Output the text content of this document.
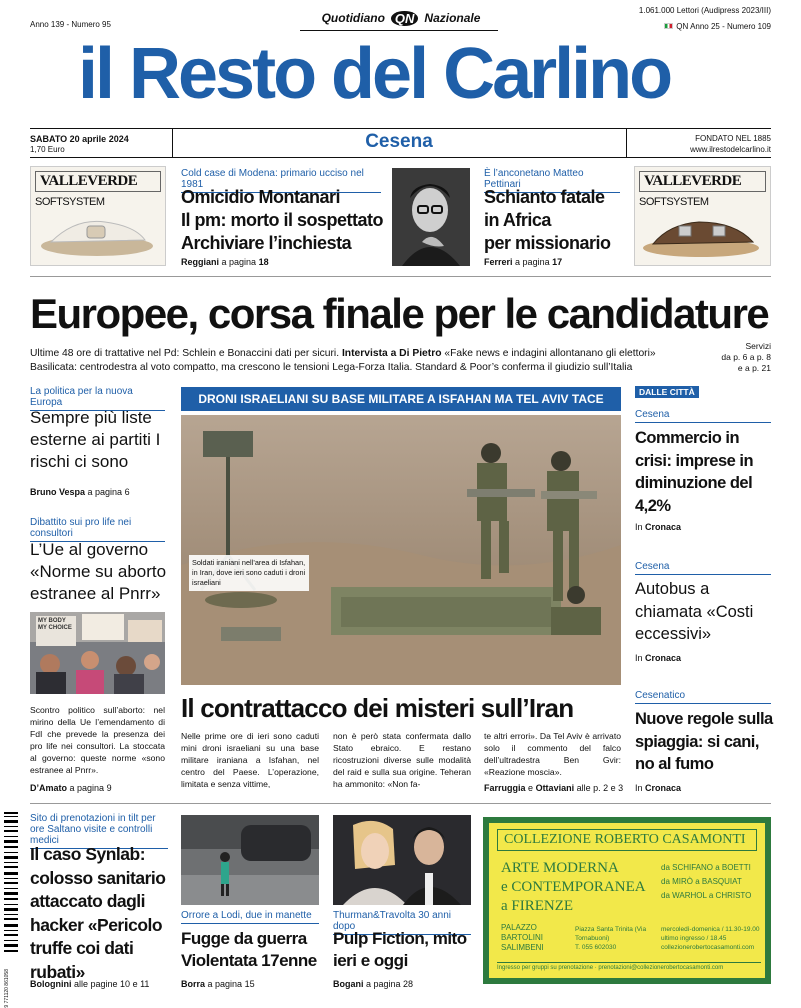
Anno 139 - Numero 95	Quotidiano QN Nazionale
1.061.000 Lettori (Audipress 2023/III)
QN Anno 25 - Numero 109
il Resto del Carlino
SABATO 20 aprile 2024
1,70 Euro	Cesena	FONDATO NEL 1885
www.ilrestodelcarlino.it
VALLEVERDE
SOFTSYSTEM
VALLEVERDE
SOFTSYSTEM
Cold case di Modena: primario ucciso nel 1981
Omicidio Montanari
Il pm: morto il sospettato
Archiviare l’inchiesta
Reggiani a pagina 18
È l’anconetano Matteo Pettinari
Schianto fatale
in Africa
per missionario
Ferreri a pagina 17
Europee, corsa finale per le candidature
Ultime 48 ore di trattative nel Pd: Schlein e Bonaccini dati per sicuri. Intervista a Di Pietro «Fake news e indagini allontanano gli elettori»
Basilicata: centrodestra al voto compatto, ma crescono le tensioni Lega-Forza Italia. Standard & Poor’s conferma il giudizio sull’Italia
Servizi
da p. 6 a p. 8
e a p. 21
La politica per la nuova Europa
Sempre più liste esterne ai partiti I rischi ci sono
Bruno Vespa a pagina 6
Dibattito sui pro life nei consultori
L’Ue al governo «Norme su aborto estranee al Pnrr»
MY BODY MY CHOICE
Scontro politico sull’aborto: nel mirino della Ue l’emendamento di FdI che prevede la presenza dei pro life nei consultori. La stoccata al governo: queste norme «sono estranee al Pnrr».
D’Amato a pagina 9
DRONI ISRAELIANI SU BASE MILITARE A ISFAHAN MA TEL AVIV TACE
Soldati iraniani nell’area di Isfahan, in Iran, dove ieri sono caduti i droni israeliani
Il contrattacco dei misteri sull’Iran
Nelle prime ore di ieri sono caduti mini droni israeliani su una base militare iraniana a Isfahan, nel centro del Paese. L’operazione, limitata e senza vittime,
non è però stata confermata dallo Stato ebraico. E restano ricostruzioni diverse sulle modalità del raid e sulla sua origine. Teheran ha ammonito: «Non fa-
te altri errori». Da Tel Aviv è arrivato solo il commento del falco dell’ultradestra Ben Gvir: «Reazione moscia».
Farruggia e Ottaviani alle p. 2 e 3
DALLE CITTÀ
Cesena
Commercio in crisi: imprese in diminuzione del 4,2%
In Cronaca
Cesena
Autobus a chiamata «Costi eccessivi»
In Cronaca
Cesenatico
Nuove regole sulla spiaggia: si cani, no al fumo
In Cronaca
9 771120 861058
Sito di prenotazioni in tilt per ore Saltano visite e controlli medici
Il caso Synlab: colosso sanitario attaccato dagli hacker «Pericolo truffe coi dati rubati»
Bolognini alle pagine 10 e 11
Orrore a Lodi, due in manette
Fugge da guerra Violentata 17enne
Borra a pagina 15
Thurman&Travolta 30 anni dopo
Pulp Fiction, mito ieri e oggi
Bogani a pagina 28
COLLEZIONE ROBERTO CASAMONTI
ARTE MODERNA
e CONTEMPORANEA
a FIRENZE
da SCHIFANO a BOETTI
da MIRÒ a BASQUIAT
da WARHOL a CHRISTO
PALAZZO BARTOLINI SALIMBENI
Piazza Santa Trinita (Via Tornabuoni)
T. 055 602030
mercoledì-domenica / 11.30-19.00
ultimo ingresso / 18.45
collezionerobertocasamonti.com
Ingresso per gruppi su prenotazione · prenotazioni@collezionerobertocasamonti.com
